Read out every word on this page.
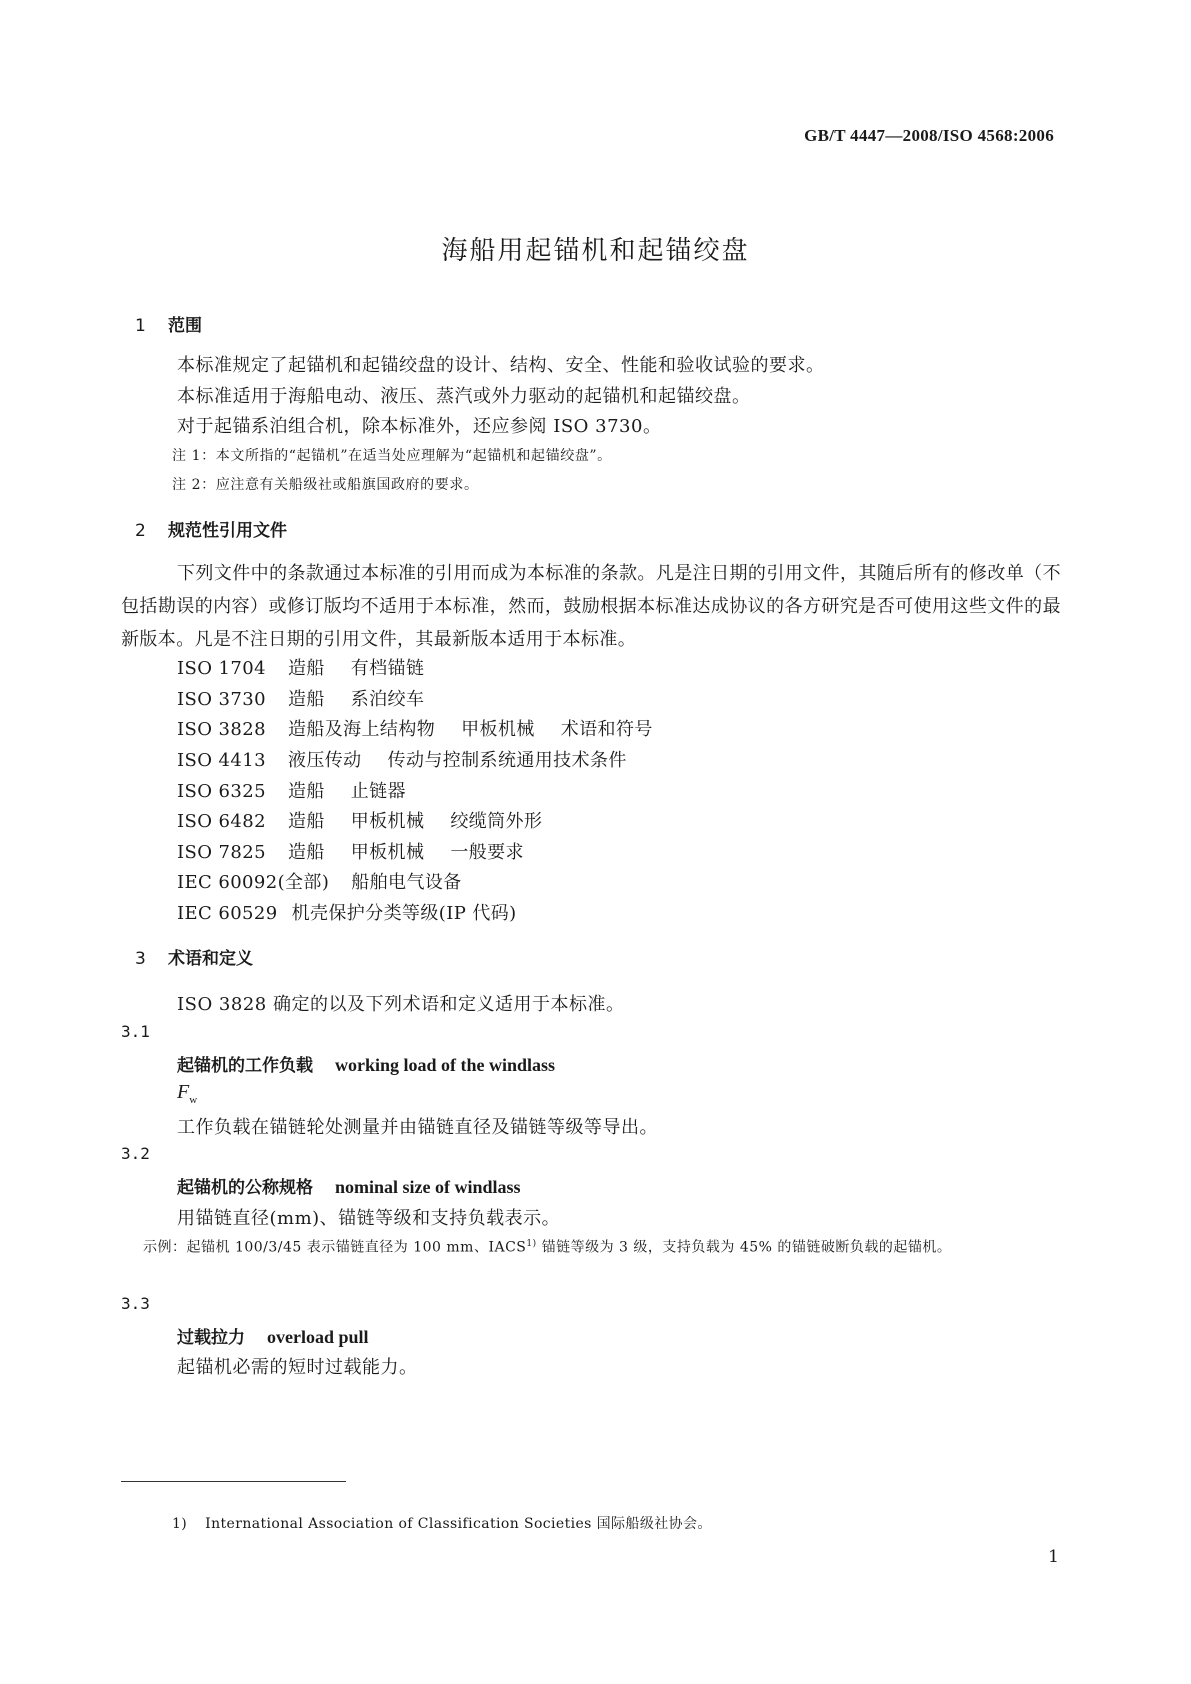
GB/T 4447—2008/ISO 4568:2006
海船用起锚机和起锚绞盘
1 范围
本标准规定了起锚机和起锚绞盘的设计、结构、安全、性能和验收试验的要求。
本标准适用于海船电动、液压、蒸汽或外力驱动的起锚机和起锚绞盘。
对于起锚系泊组合机，除本标准外，还应参阅 ISO 3730。
注 1：本文所指的“起锚机”在适当处应理解为“起锚机和起锚绞盘”。
注 2：应注意有关船级社或船旗国政府的要求。
2 规范性引用文件
下列文件中的条款通过本标准的引用而成为本标准的条款。凡是注日期的引用文件，其随后所有的修改单（不包括勘误的内容）或修订版均不适用于本标准，然而，鼓励根据本标准达成协议的各方研究是否可使用这些文件的最新版本。凡是不注日期的引用文件，其最新版本适用于本标准。
ISO 1704 造船 有档锚链
ISO 3730 造船 系泊绞车
ISO 3828 造船及海上结构物 甲板机械 术语和符号
ISO 4413 液压传动 传动与控制系统通用技术条件
ISO 6325 造船 止链器
ISO 6482 造船 甲板机械 绞缆筒外形
ISO 7825 造船 甲板机械 一般要求
IEC 60092(全部) 船舶电气设备
IEC 60529 机壳保护分类等级(IP 代码)
3 术语和定义
ISO 3828 确定的以及下列术语和定义适用于本标准。
3.1
起锚机的工作负载 working load of the windlass
$F_w$
工作负载在锚链轮处测量并由锚链直径及锚链等级等导出。
3.2
起锚机的公称规格 nominal size of windlass
用锚链直径(mm)、锚链等级和支持负载表示。
示例：起锚机 100/3/45 表示锚链直径为 100 mm、IACS$^{1)}$ 锚链等级为 3 级，支持负载为 45% 的锚链破断负载的起锚机。
3.3
过载拉力 overload pull
起锚机必需的短时过载能力。
1) International Association of Classification Societies 国际船级社协会。
1
